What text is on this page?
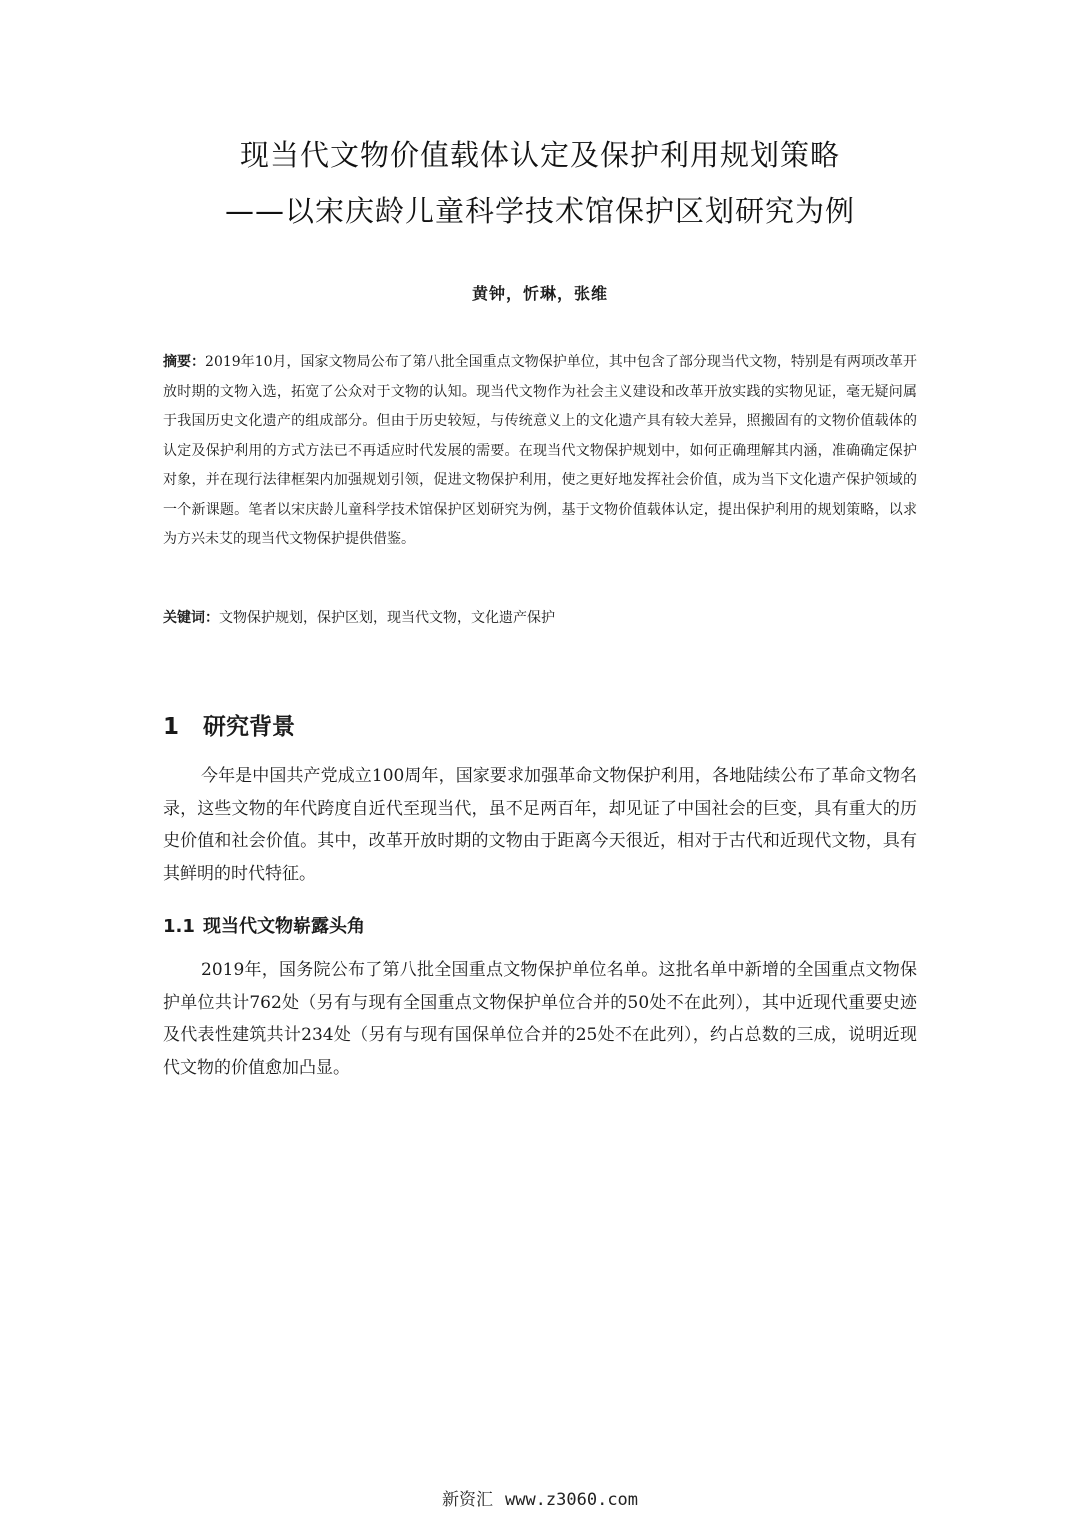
现当代文物价值载体认定及保护利用规划策略
——以宋庆龄儿童科学技术馆保护区划研究为例
黄钟，忻琳，张维

摘要：2019年10月，国家文物局公布了第八批全国重点文物保护单位，其中包含了部分现当代文物，特别是有两项改革开放时期的文物入选，拓宽了公众对于文物的认知。现当代文物作为社会主义建设和改革开放实践的实物见证，毫无疑问属于我国历史文化遗产的组成部分。但由于历史较短，与传统意义上的文化遗产具有较大差异，照搬固有的文物价值载体的认定及保护利用的方式方法已不再适应时代发展的需要。在现当代文物保护规划中，如何正确理解其内涵，准确确定保护对象，并在现行法律框架内加强规划引领，促进文物保护利用，使之更好地发挥社会价值，成为当下文化遗产保护领域的一个新课题。笔者以宋庆龄儿童科学技术馆保护区划研究为例，基于文物价值载体认定，提出保护利用的规划策略，以求为方兴未艾的现当代文物保护提供借鉴。

关键词：文物保护规划，保护区划，现当代文物，文化遗产保护

1 研究背景

今年是中国共产党成立100周年，国家要求加强革命文物保护利用，各地陆续公布了革命文物名录，这些文物的年代跨度自近代至现当代，虽不足两百年，却见证了中国社会的巨变，具有重大的历史价值和社会价值。其中，改革开放时期的文物由于距离今天很近，相对于古代和近现代文物，具有其鲜明的时代特征。

1.1 现当代文物崭露头角

2019年，国务院公布了第八批全国重点文物保护单位名单。这批名单中新增的全国重点文物保护单位共计762处（另有与现有全国重点文物保护单位合并的50处不在此列），其中近现代重要史迹及代表性建筑共计234处（另有与现有国保单位合并的25处不在此列），约占总数的三成，说明近现代文物的价值愈加凸显。

新资汇 www.z3060.com
